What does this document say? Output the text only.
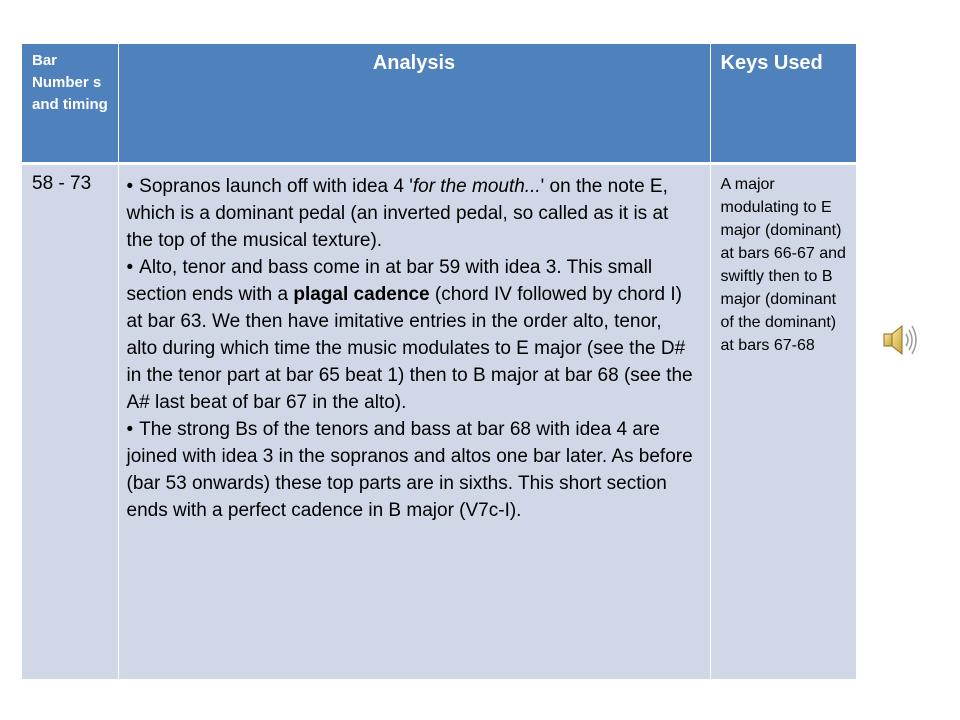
Bar Number s and timing	Analysis	Keys Used
58 - 73	• Sopranos launch off with idea 4 'for the mouth...' on the note E, which is a dominant pedal (an inverted pedal, so called as it is at the top of the musical texture).

• Alto, tenor and bass come in at bar 59 with idea 3. This small section ends with a plagal cadence (chord IV followed by chord I) at bar 63. We then have imitative entries in the order alto, tenor, alto during which time the music modulates to E major (see the D# in the tenor part at bar 65 beat 1) then to B major at bar 68 (see the A# last beat of bar 67 in the alto).

• The strong Bs of the tenors and bass at bar 68 with idea 4 are joined with idea 3 in the sopranos and altos one bar later. As before (bar 53 onwards) these top parts are in sixths. This short section ends with a perfect cadence in B major (V7c-I).	A major modulating to E major (dominant) at bars 66-67 and swiftly then to B major (dominant of the dominant) at bars 67-68
